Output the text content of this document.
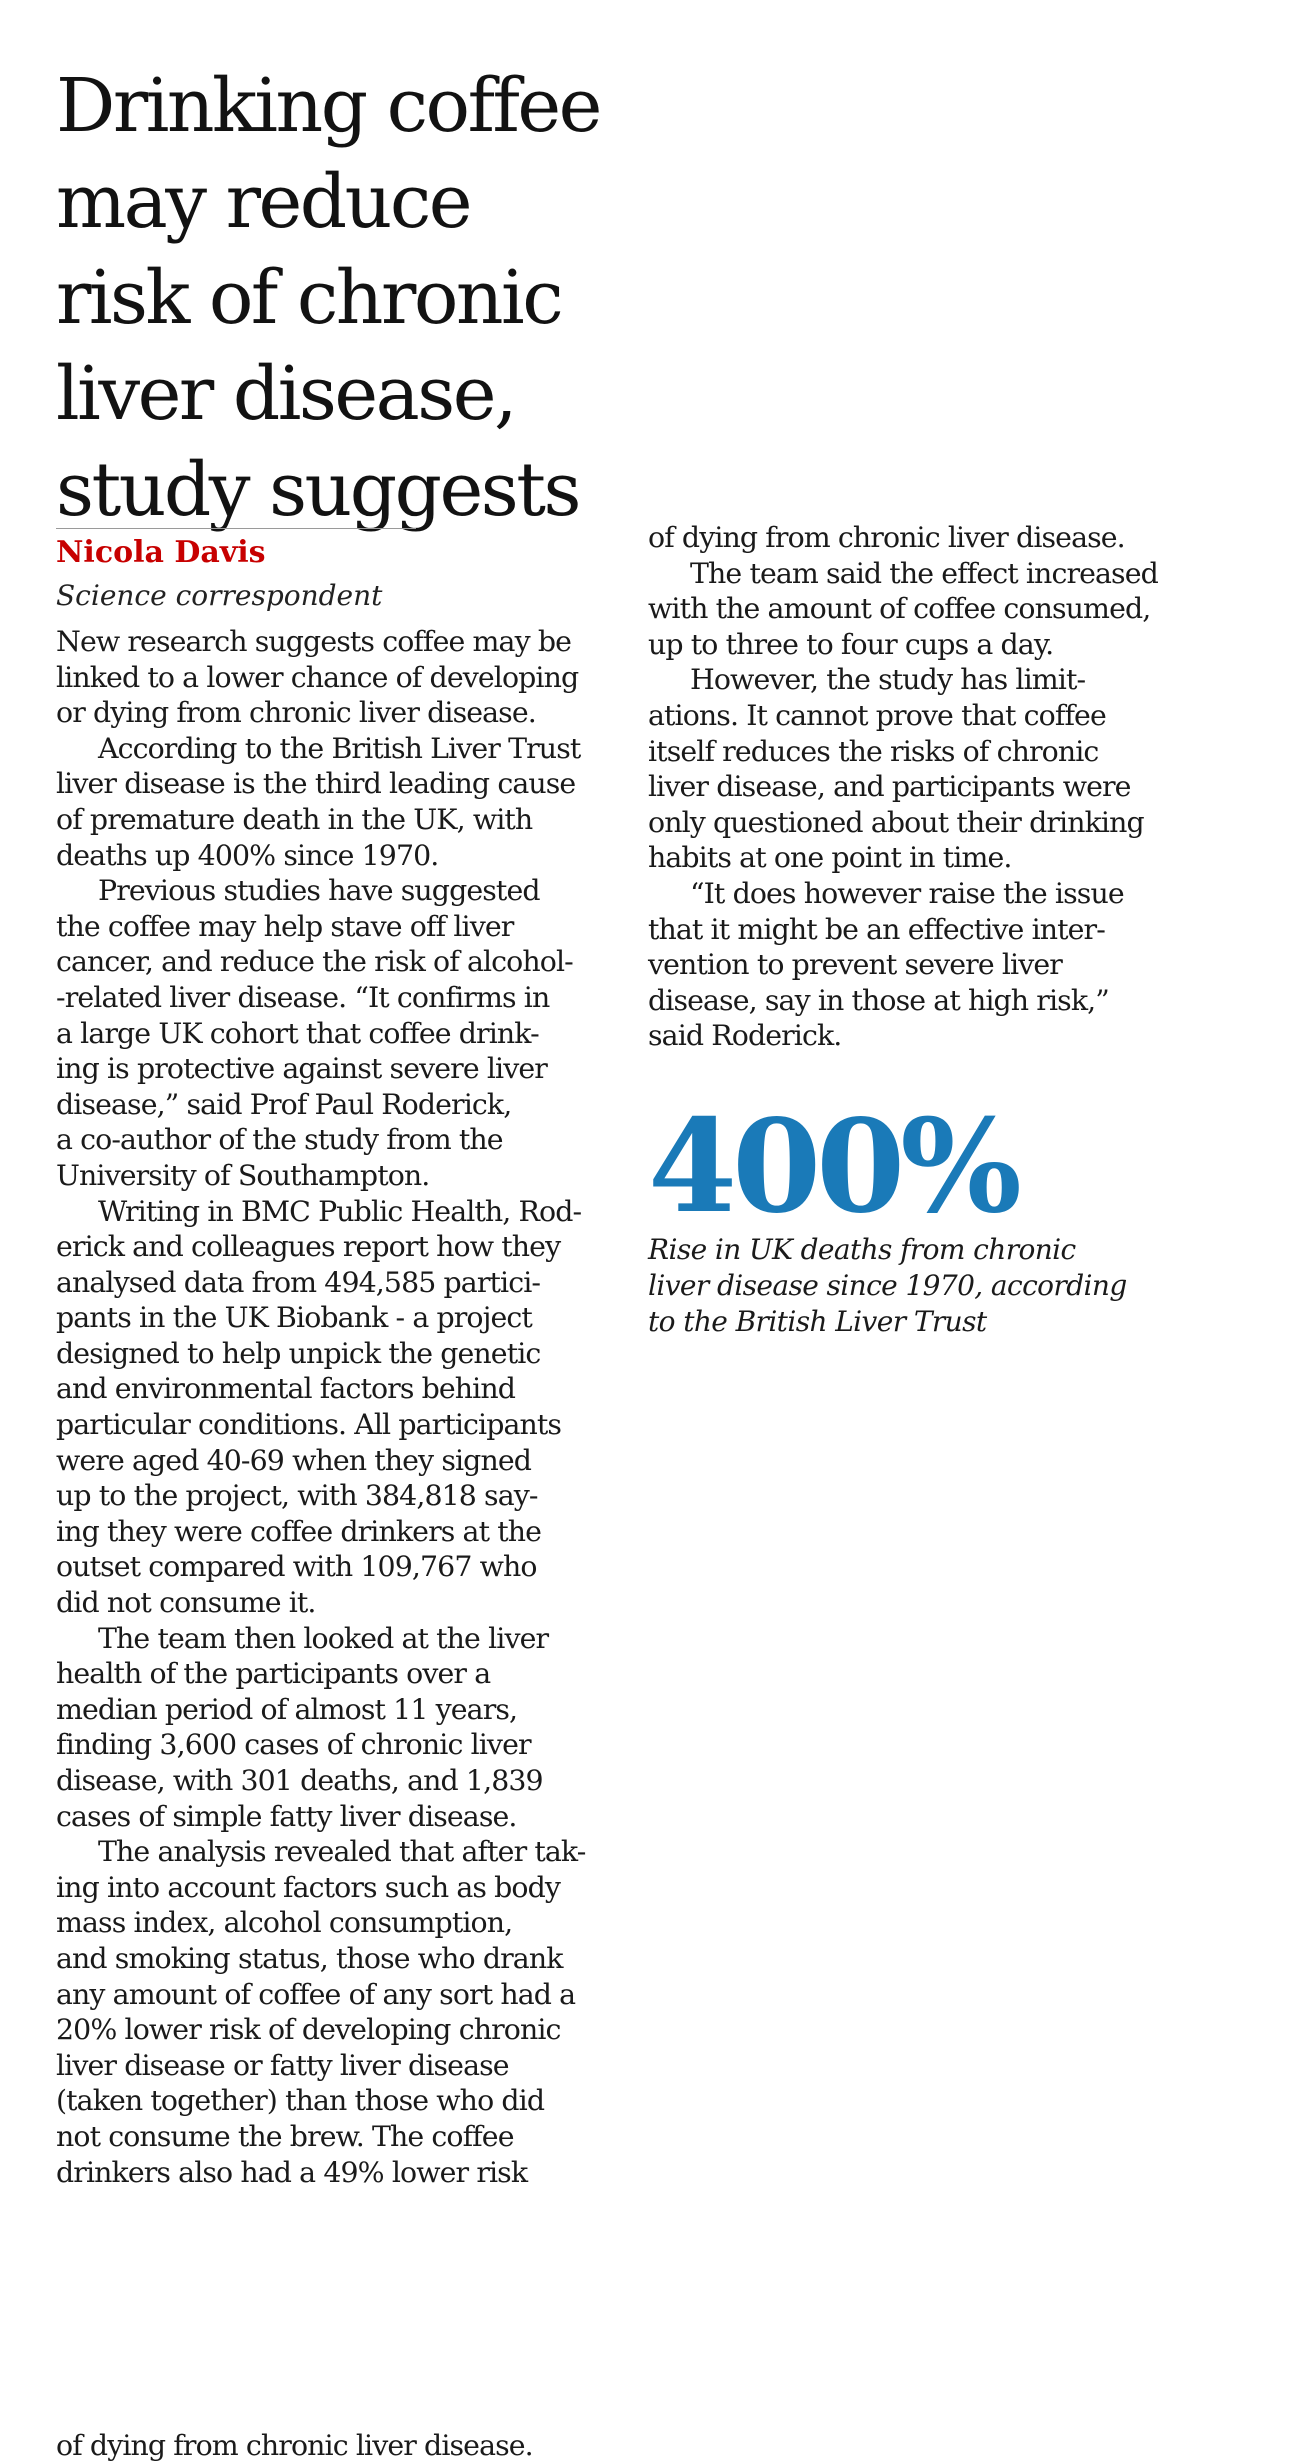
Drinking coffee
may reduce
risk of chronic
liver disease,
study suggests
Nicola Davis
Science correspondent
New research suggests coffee may be
linked to a lower chance of developing
or dying from chronic liver disease.
According to the British Liver Trust
liver disease is the third leading cause
of premature death in the UK, with
deaths up 400% since 1970.
Previous studies have suggested
the coffee may help stave off liver
cancer, and reduce the risk of alcohol-
-related liver disease. “It confirms in
a large UK cohort that coffee drink-
ing is protective against severe liver
disease,” said Prof Paul Roderick,
a co-author of the study from the
University of Southampton.
Writing in BMC Public Health, Rod-
erick and colleagues report how they
analysed data from 494,585 partici-
pants in the UK Biobank - a project
designed to help unpick the genetic
and environmental factors behind
particular conditions. All participants
were aged 40-69 when they signed
up to the project, with 384,818 say-
ing they were coffee drinkers at the
outset compared with 109,767 who
did not consume it.
The team then looked at the liver
health of the participants over a
median period of almost 11 years,
finding 3,600 cases of chronic liver
disease, with 301 deaths, and 1,839
cases of simple fatty liver disease.
The analysis revealed that after tak-
ing into account factors such as body
mass index, alcohol consumption,
and smoking status, those who drank
any amount of coffee of any sort had a
20% lower risk of developing chronic
liver disease or fatty liver disease
(taken together) than those who did
not consume the brew. The coffee
drinkers also had a 49% lower risk
of dying from chronic liver disease.
of dying from chronic liver disease.
The team said the effect increased
with the amount of coffee consumed,
up to three to four cups a day.
However, the study has limit-
ations. It cannot prove that coffee
itself reduces the risks of chronic
liver disease, and participants were
only questioned about their drinking
habits at one point in time.
“It does however raise the issue
that it might be an effective inter-
vention to prevent severe liver
disease, say in those at high risk,”
said Roderick.
400%
Rise in UK deaths from chronic
liver disease since 1970, according
to the British Liver Trust
